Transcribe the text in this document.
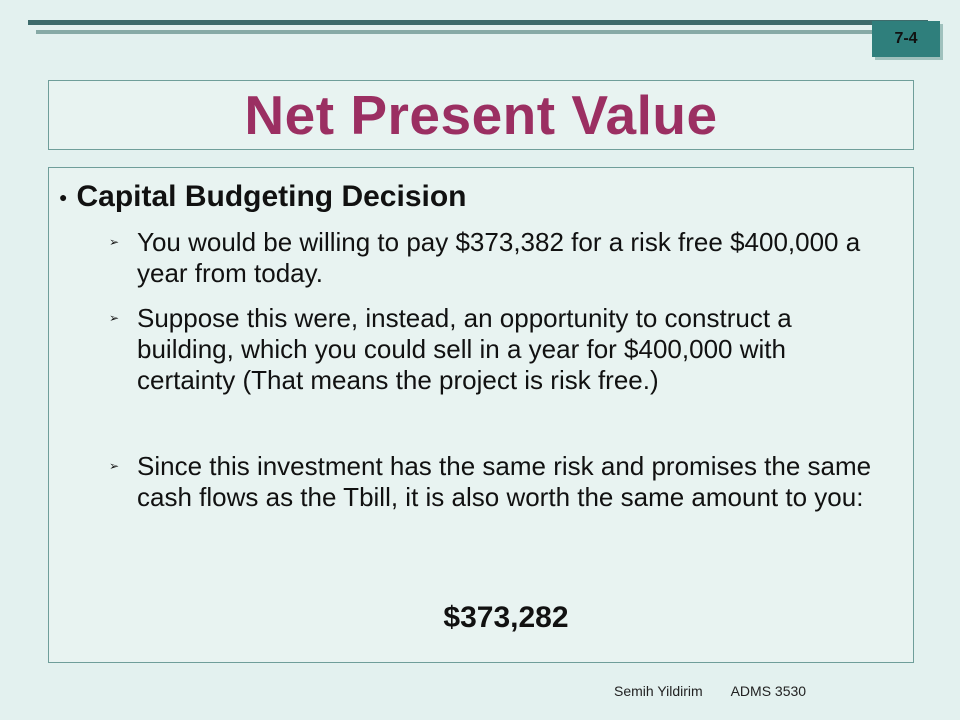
7-4
Net Present Value
● Capital Budgeting Decision
➢ You would be willing to pay $373,382 for a risk free $400,000 a year from today.
➢ Suppose this were, instead, an opportunity to construct a building, which you could sell in a year for $400,000 with certainty (That means the project is risk free.)
➢ Since this investment has the same risk and promises the same cash flows as the Tbill, it is also worth the same amount to you:
$373,282
Semih Yildirim ADMS 3530
